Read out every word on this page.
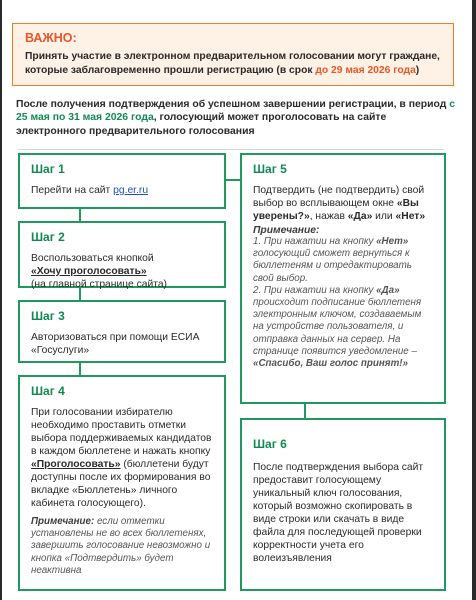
ВАЖНО:
Принять участие в электронном предварительном голосовании могут граждане, которые заблаговременно прошли регистрацию (в срок до 29 мая 2026 года)
После получения подтверждения об успешном завершении регистрации, в период с 25 мая по 31 мая 2026 года, голосующий может проголосовать на сайте электронного предварительного голосования
Шаг 1
Перейти на сайт pg.er.ru
Шаг 2
Воспользоваться кнопкой
«Хочу проголосовать»
(на главной странице сайта)
Шаг 3
Авторизоваться при помощи ЕСИА «Госуслуги»
Шаг 4
При голосовании избирателю необходимо проставить отметки выбора поддерживаемых кандидатов в каждом бюллетене и нажать кнопку «Проголосовать» (бюллетени будут доступны после их формирования во вкладке «Бюллетень» личного кабинета голосующего).
Примечание: если отметки установлены не во всех бюллетенях, завершить голосование невозможно и кнопка «Подтвердить» будет неактивна
Шаг 5
Подтвердить (не подтвердить) свой выбор во всплывающем окне «Вы уверены?», нажав «Да» или «Нет»
Примечание:
1. При нажатии на кнопку «Нет» голосующий сможет вернуться к бюллетеням и отредактировать свой выбор.
2. При нажатии на кнопку «Да» происходит подписание бюллетеня электронным ключом, создаваемым на устройстве пользователя, и отправка данных на сервер. На странице появится уведомление – «Спасибо, Ваш голос принят!»
Шаг 6
После подтверждения выбора сайт предоставит голосующему уникальный ключ голосования, который возможно скопировать в виде строки или скачать в виде файла для последующей проверки корректности учета его волеизъявления
